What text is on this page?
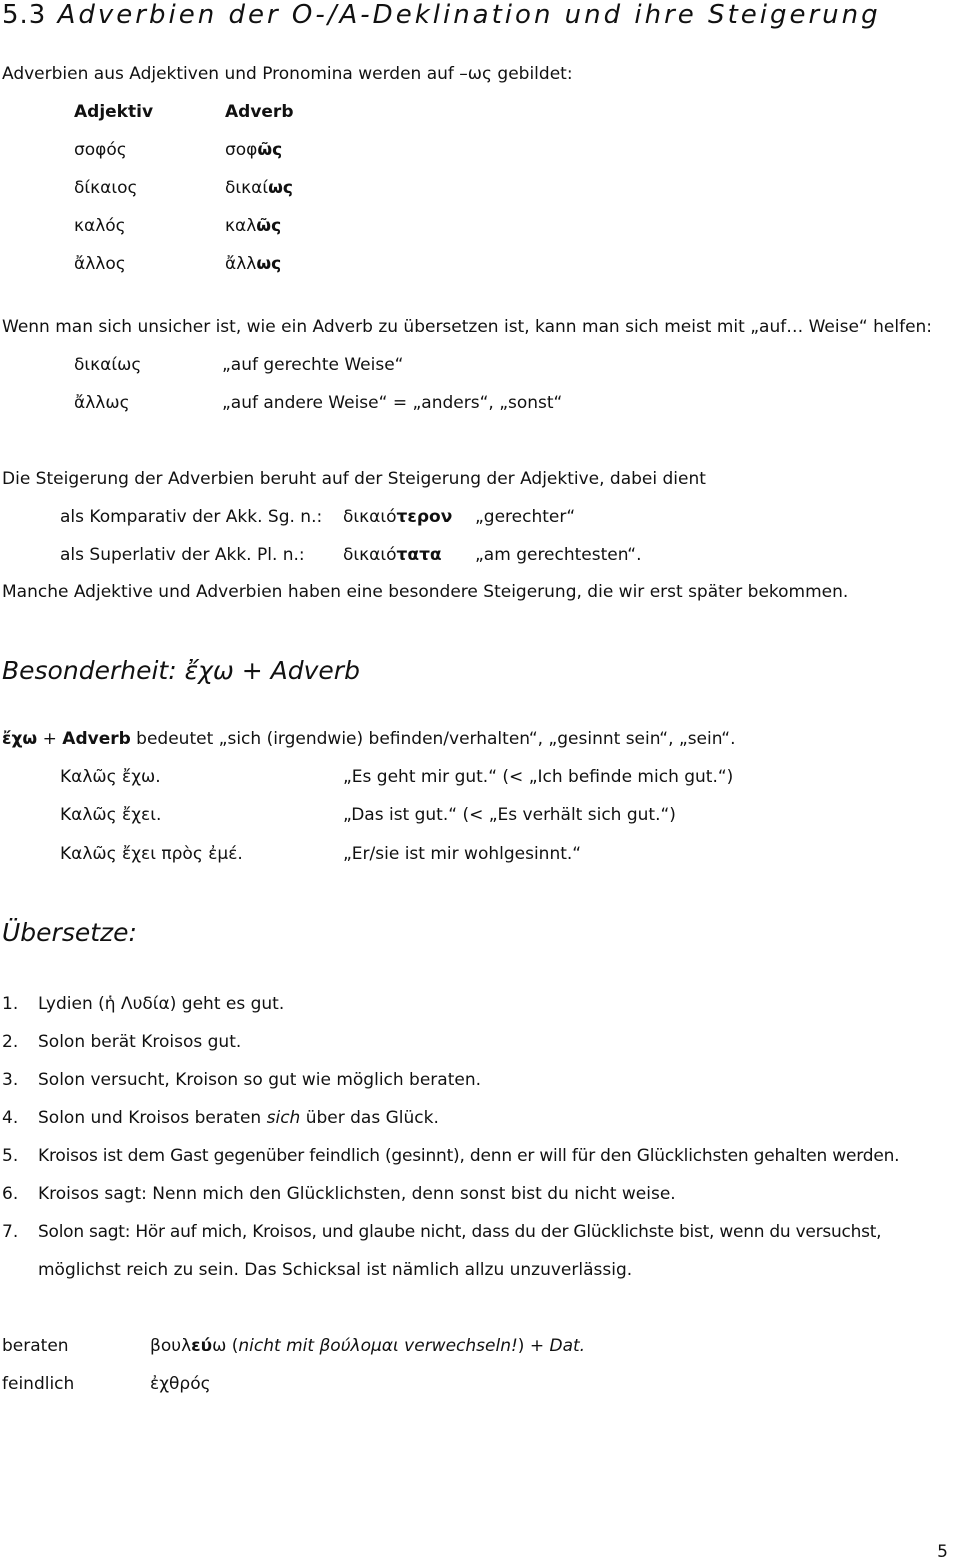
5.3 Adverbien der O-/A-Deklination und ihre Steigerung
Adverbien aus Adjektiven und Pronomina werden auf –ως gebildet:
Adjektiv	Adverb
σοφός	σοφῶς
δίκαιος	δικαίως
καλός	καλῶς
ἄλλος	ἄλλως
Wenn man sich unsicher ist, wie ein Adverb zu übersetzen ist, kann man sich meist mit „auf… Weise“ helfen:
δικαίως	„auf gerechte Weise“
ἄλλως	„auf andere Weise“ = „anders“, „sonst“
Die Steigerung der Adverbien beruht auf der Steigerung der Adjektive, dabei dient
als Komparativ der Akk. Sg. n.: δικαιότερον „gerechter“
als Superlativ der Akk. Pl. n.: δικαιότατα „am gerechtesten“.
Manche Adjektive und Adverbien haben eine besondere Steigerung, die wir erst später bekommen.
Besonderheit: ἔχω + Adverb
ἔχω + Adverb bedeutet „sich (irgendwie) befinden/verhalten“, „gesinnt sein“, „sein“.
Καλῶς ἔχω.	„Es geht mir gut.“ (< „Ich befinde mich gut.“)
Καλῶς ἔχει.	„Das ist gut.“ (< „Es verhält sich gut.“)
Καλῶς ἔχει πρὸς ἐμέ.	„Er/sie ist mir wohlgesinnt.“
Übersetze:
1. Lydien (ἡ Λυδία) geht es gut.
2. Solon berät Kroisos gut.
3. Solon versucht, Kroison so gut wie möglich beraten.
4. Solon und Kroisos beraten sich über das Glück.
5. Kroisos ist dem Gast gegenüber feindlich (gesinnt), denn er will für den Glücklichsten gehalten werden.
6. Kroisos sagt: Nenn mich den Glücklichsten, denn sonst bist du nicht weise.
7. Solon sagt: Hör auf mich, Kroisos, und glaube nicht, dass du der Glücklichste bist, wenn du versuchst,
möglichst reich zu sein. Das Schicksal ist nämlich allzu unzuverlässig.
beraten	βουλεύω (nicht mit βούλομαι verwechseln!) + Dat.
feindlich	ἐχθρός
5
